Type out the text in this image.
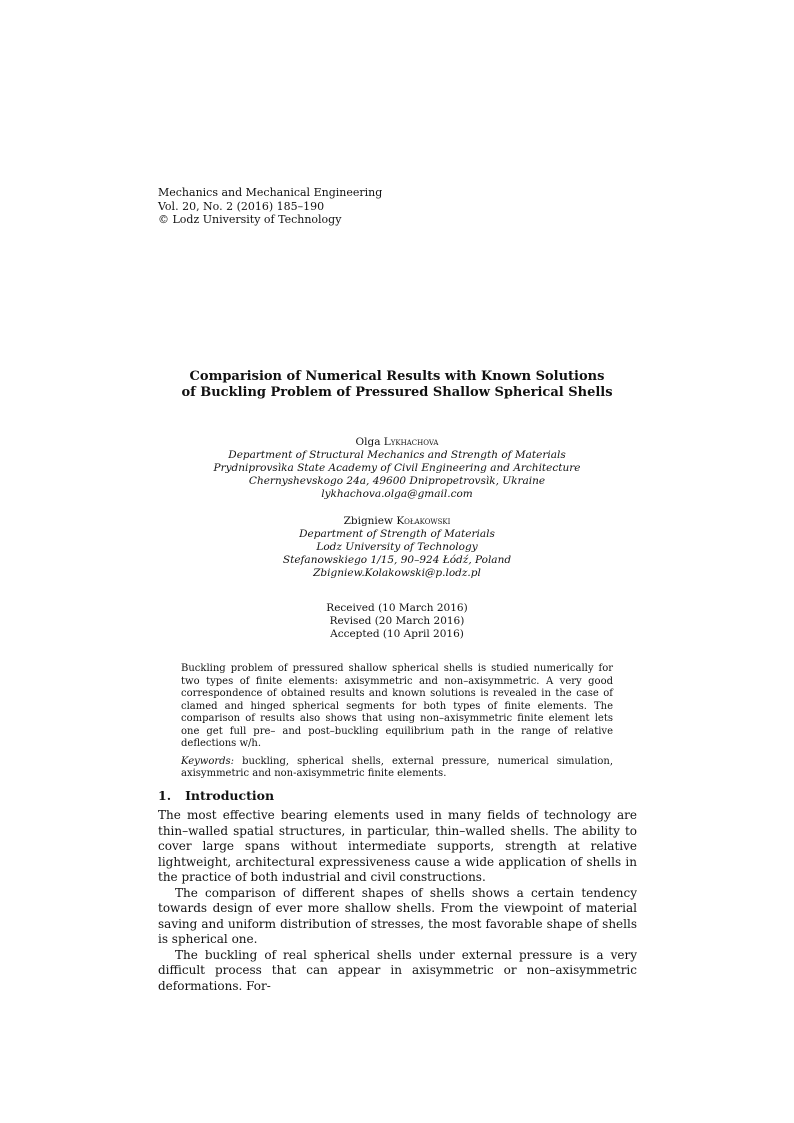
Mechanics and Mechanical Engineering
Vol. 20, No. 2 (2016) 185–190
© Lodz University of Technology
Comparision of Numerical Results with Known Solutions
of Buckling Problem of Pressured Shallow Spherical Shells
Olga Lykhachova
Department of Structural Mechanics and Strength of Materials
Prydniprovsìka State Academy of Civil Engineering and Architecture
Chernyshevskogo 24a, 49600 Dnipropetrovsìk, Ukraine
lykhachova.olga@gmail.com
Zbigniew Kołakowski
Department of Strength of Materials
Lodz University of Technology
Stefanowskiego 1/15, 90–924 Łódź, Poland
Zbigniew.Kolakowski@p.lodz.pl
Received (10 March 2016)
Revised (20 March 2016)
Accepted (10 April 2016)

Buckling problem of pressured shallow spherical shells is studied numerically for two types of finite elements: axisymmetric and non–axisymmetric. A very good correspondence of obtained results and known solutions is revealed in the case of clamed and hinged spherical segments for both types of finite elements. The comparison of results also shows that using non–axisymmetric finite element lets one get full pre– and post–buckling equilibrium path in the range of relative deflections w/h.

Keywords: buckling, spherical shells, external pressure, numerical simulation, axisymmetric and non-axisymmetric finite elements.

1. Introduction

The most effective bearing elements used in many fields of technology are thin–walled spatial structures, in particular, thin–walled shells. The ability to cover large spans without intermediate supports, strength at relative lightweight, architectural expressiveness cause a wide application of shells in the practice of both industrial and civil constructions.

The comparison of different shapes of shells shows a certain tendency towards design of ever more shallow shells. From the viewpoint of material saving and uniform distribution of stresses, the most favorable shape of shells is spherical one.

The buckling of real spherical shells under external pressure is a very difficult process that can appear in axisymmetric or non–axisymmetric deformations. For-
